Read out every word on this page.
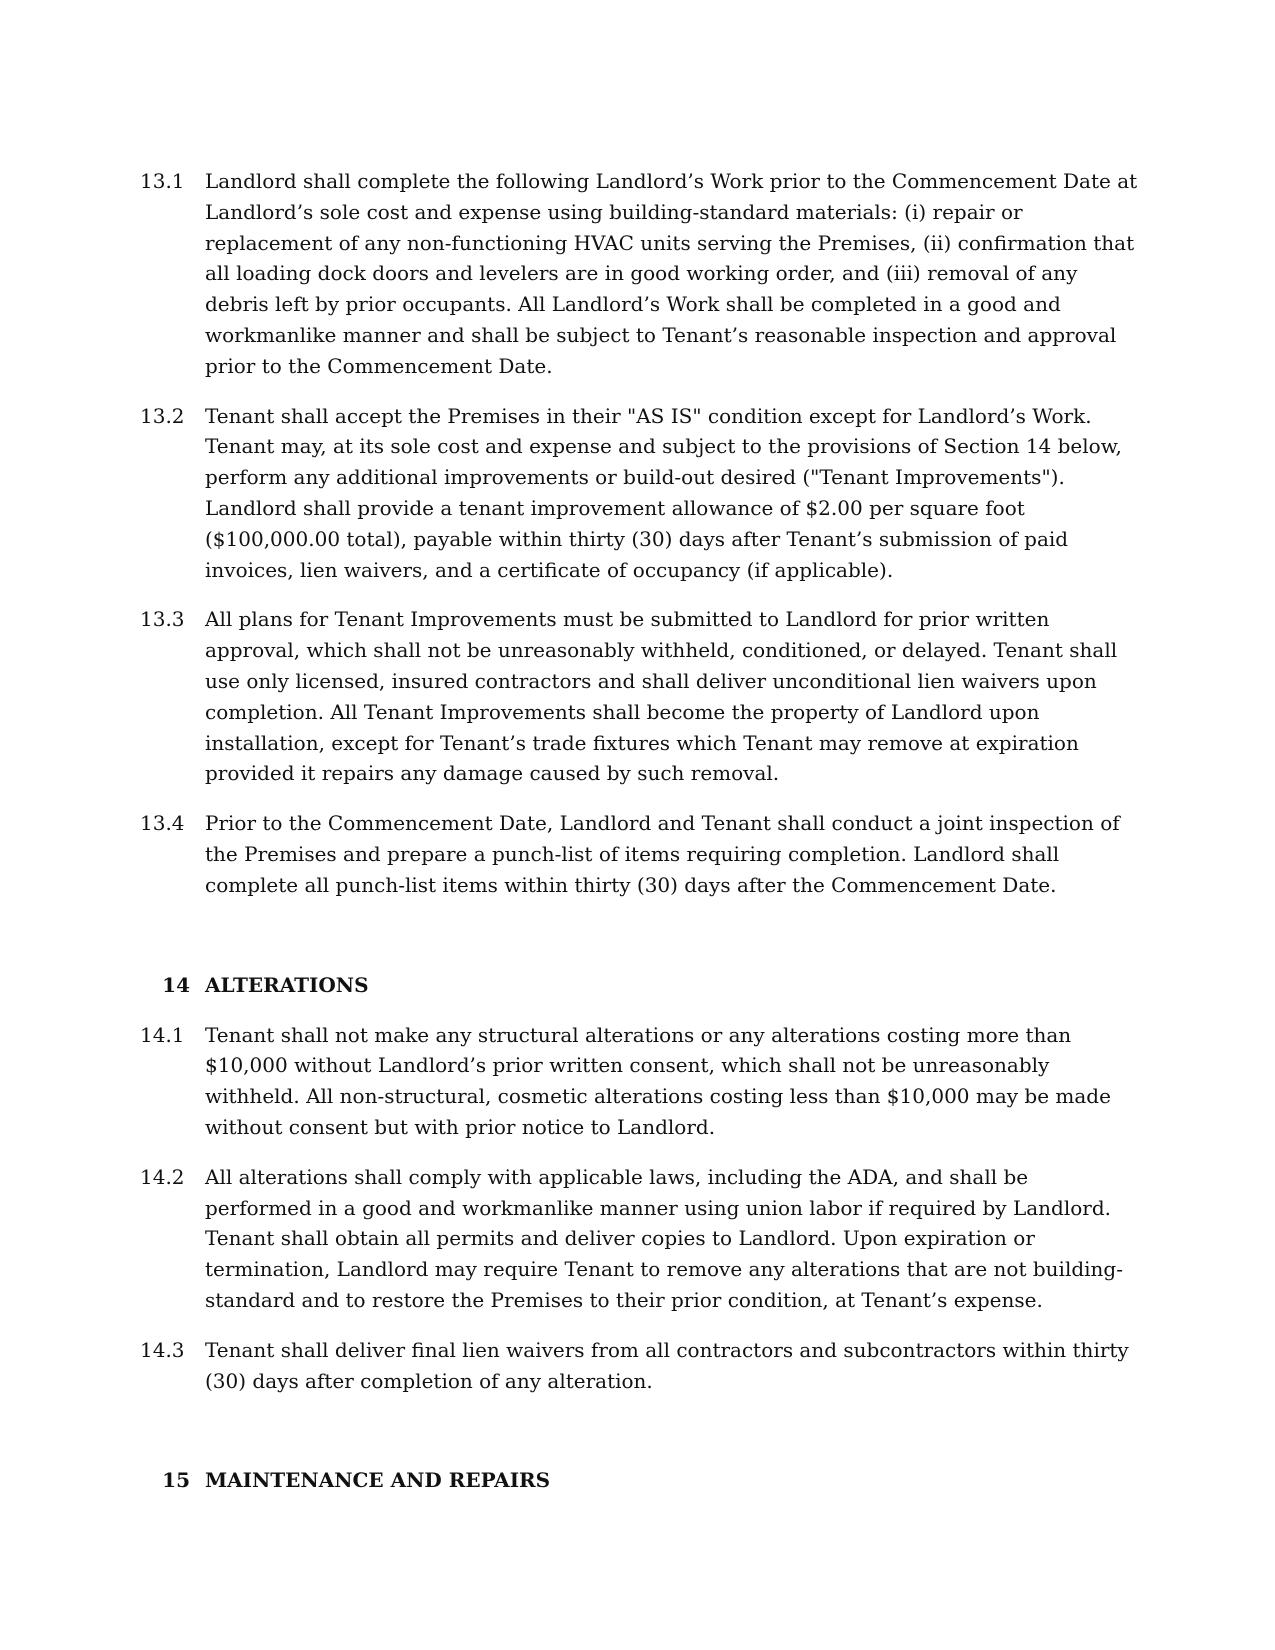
13.1	Landlord shall complete the following Landlord’s Work prior to the Commencement Date at Landlord’s sole cost and expense using building-standard materials: (i) repair or replacement of any non-functioning HVAC units serving the Premises, (ii) confirmation that all loading dock doors and levelers are in good working order, and (iii) removal of any debris left by prior occupants. All Landlord’s Work shall be completed in a good and workmanlike manner and shall be subject to Tenant’s reasonable inspection and approval prior to the Commencement Date.
13.2	Tenant shall accept the Premises in their "AS IS" condition except for Landlord’s Work. Tenant may, at its sole cost and expense and subject to the provisions of Section 14 below, perform any additional improvements or build-out desired ("Tenant Improvements"). Landlord shall provide a tenant improvement allowance of $2.00 per square foot ($100,000.00 total), payable within thirty (30) days after Tenant’s submission of paid invoices, lien waivers, and a certificate of occupancy (if applicable).
13.3	All plans for Tenant Improvements must be submitted to Landlord for prior written approval, which shall not be unreasonably withheld, conditioned, or delayed. Tenant shall use only licensed, insured contractors and shall deliver unconditional lien waivers upon completion. All Tenant Improvements shall become the property of Landlord upon installation, except for Tenant’s trade fixtures which Tenant may remove at expiration provided it repairs any damage caused by such removal.
13.4	Prior to the Commencement Date, Landlord and Tenant shall conduct a joint inspection of the Premises and prepare a punch-list of items requiring completion. Landlord shall complete all punch-list items within thirty (30) days after the Commencement Date.
14 ALTERATIONS
14.1	Tenant shall not make any structural alterations or any alterations costing more than $10,000 without Landlord’s prior written consent, which shall not be unreasonably withheld. All non-structural, cosmetic alterations costing less than $10,000 may be made without consent but with prior notice to Landlord.
14.2	All alterations shall comply with applicable laws, including the ADA, and shall be performed in a good and workmanlike manner using union labor if required by Landlord. Tenant shall obtain all permits and deliver copies to Landlord. Upon expiration or termination, Landlord may require Tenant to remove any alterations that are not building-standard and to restore the Premises to their prior condition, at Tenant’s expense.
14.3	Tenant shall deliver final lien waivers from all contractors and subcontractors within thirty (30) days after completion of any alteration.
15 MAINTENANCE AND REPAIRS
